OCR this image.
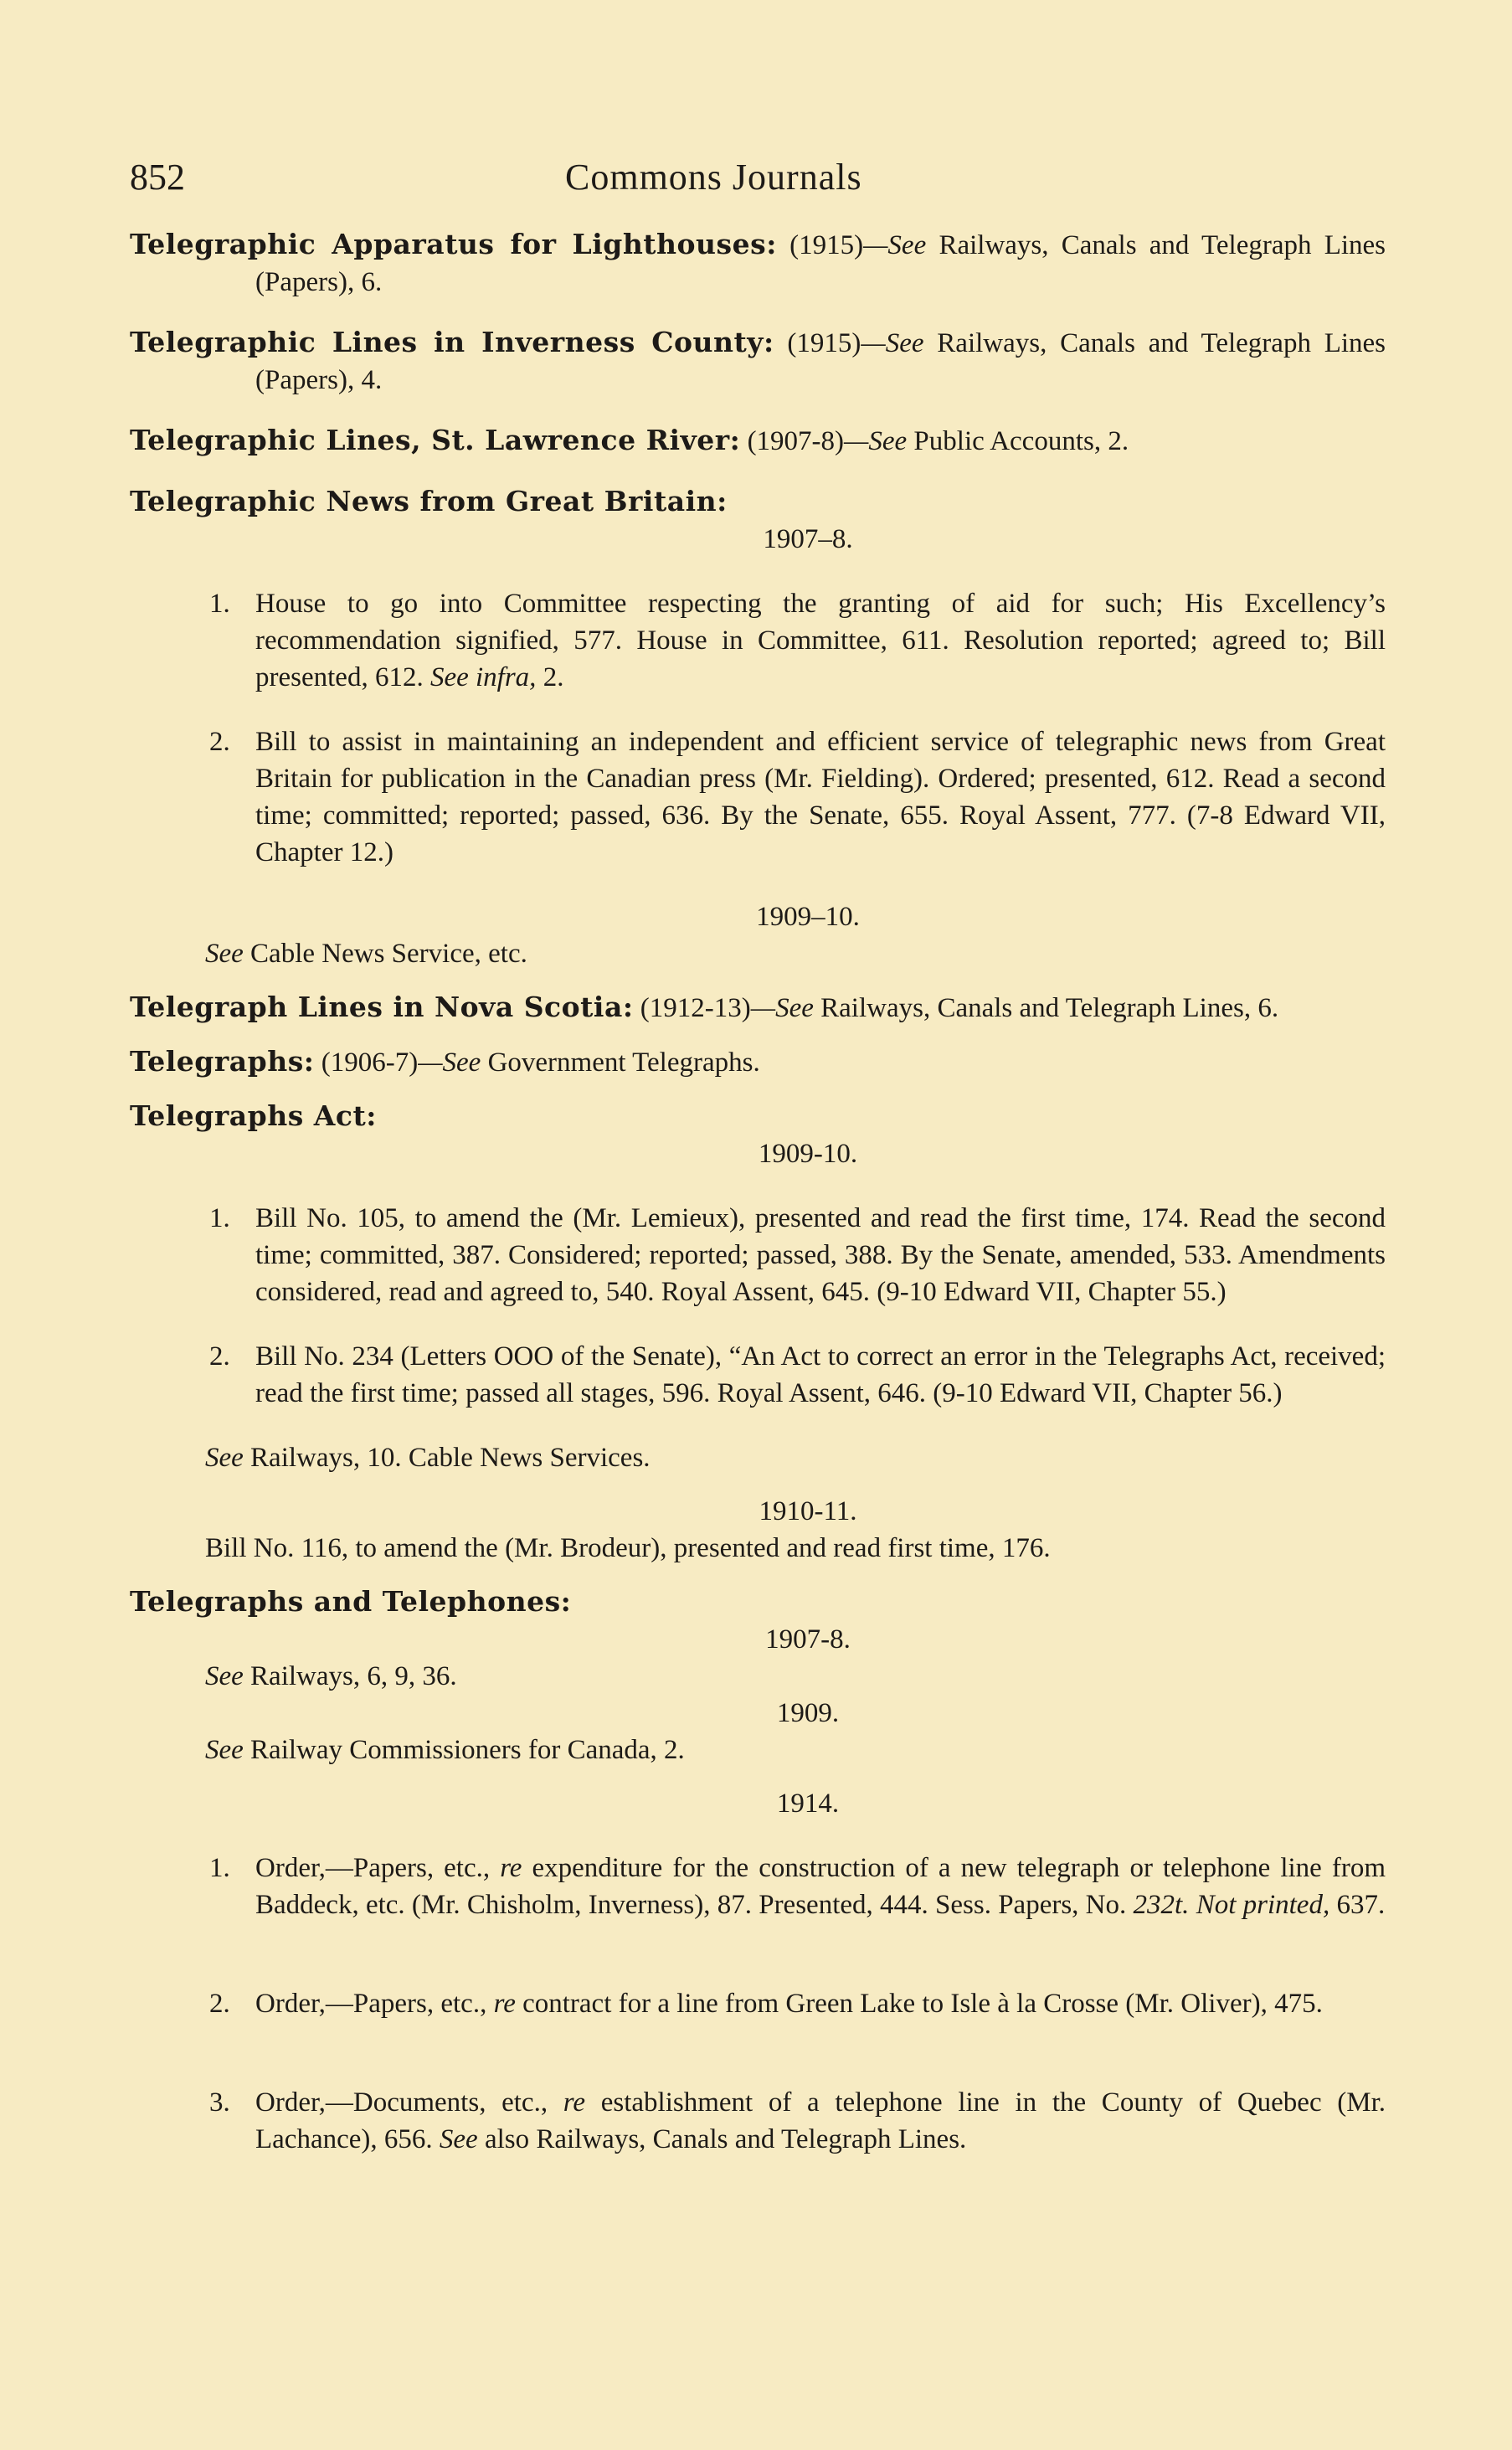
852	Commons Journals

Telegraphic Apparatus for Lighthouses: (1915)—See Railways, Canals and Telegraph Lines (Papers), 6.

Telegraphic Lines in Inverness County: (1915)—See Railways, Canals and Telegraph Lines (Papers), 4.

Telegraphic Lines, St. Lawrence River: (1907-8)—See Public Accounts, 2.

Telegraphic News from Great Britain:

1907–8.

1. House to go into Committee respecting the granting of aid for such; His Excellency’s recommendation signified, 577. House in Committee, 611. Resolution reported; agreed to; Bill presented, 612. See infra, 2.

2. Bill to assist in maintaining an independent and efficient service of telegraphic news from Great Britain for publication in the Canadian press (Mr. Fielding). Ordered; presented, 612. Read a second time; committed; reported; passed, 636. By the Senate, 655. Royal Assent, 777. (7-8 Edward VII, Chapter 12.)

1909–10.

See Cable News Service, etc.

Telegraph Lines in Nova Scotia: (1912-13)—See Railways, Canals and Telegraph Lines, 6.

Telegraphs: (1906-7)—See Government Telegraphs.

Telegraphs Act:

1909-10.

1. Bill No. 105, to amend the (Mr. Lemieux), presented and read the first time, 174. Read the second time; committed, 387. Considered; reported; passed, 388. By the Senate, amended, 533. Amendments considered, read and agreed to, 540. Royal Assent, 645. (9-10 Edward VII, Chapter 55.)

2. Bill No. 234 (Letters OOO of the Senate), “An Act to correct an error in the Telegraphs Act, received; read the first time; passed all stages, 596. Royal Assent, 646. (9-10 Edward VII, Chapter 56.)

See Railways, 10. Cable News Services.

1910-11.

Bill No. 116, to amend the (Mr. Brodeur), presented and read first time, 176.

Telegraphs and Telephones:

1907-8.

See Railways, 6, 9, 36.

1909.

See Railway Commissioners for Canada, 2.

1914.

1. Order,—Papers, etc., re expenditure for the construction of a new telegraph or telephone line from Baddeck, etc. (Mr. Chisholm, Inverness), 87. Presented, 444. Sess. Papers, No. 232t. Not printed, 637.

2. Order,—Papers, etc., re contract for a line from Green Lake to Isle à la Crosse (Mr. Oliver), 475.

3. Order,—Documents, etc., re establishment of a telephone line in the County of Quebec (Mr. Lachance), 656. See also Railways, Canals and Telegraph Lines.
